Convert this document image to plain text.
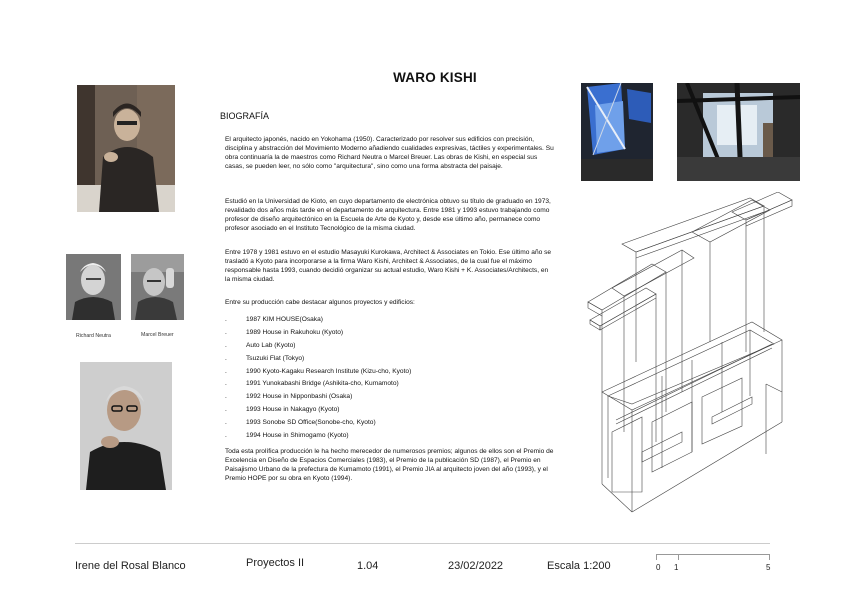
WARO KISHI
Richard Neutra	Marcel Breuer
BIOGRAFÍA
El arquitecto japonés, nacido en Yokohama (1950). Caracterizado por resolver sus edificios con precisión, disciplina y abstracción del Movimiento Moderno añadiendo cualidades expresivas, táctiles y experimentales. Su obra continuaría la de maestros como Richard Neutra o Marcel Breuer. Las obras de Kishi, en especial sus casas, se pueden leer, no sólo como "arquitectura", sino como una forma abstracta del paisaje.
Estudió en la Universidad de Kioto, en cuyo departamento de electrónica obtuvo su título de graduado en 1973, revalidado dos años más tarde en el departamento de arquitectura. Entre 1981 y 1993 estuvo trabajando como profesor de diseño arquitectónico en la Escuela de Arte de Kyoto y, desde ese último año, permanece como profesor asociado en el Instituto Tecnológico de la misma ciudad.
Entre 1978 y 1981 estuvo en el estudio Masayuki Kurokawa, Architect & Associates en Tokio. Ese último año se trasladó a Kyoto para incorporarse a la firma Waro Kishi, Architect & Associates, de la cual fue el máximo responsable hasta 1993, cuando decidió organizar su actual estudio, Waro Kishi + K. Associates/Architects, en la misma ciudad.
Entre su producción cabe destacar algunos proyectos y edificios:
.	1987 KIM HOUSE(Osaka)
.	1989 House in Rakuhoku (Kyoto)
.	Auto Lab (Kyoto)
.	Tsuzuki Flat (Tokyo)
.	1990 Kyoto-Kagaku Research Institute (Kizu-cho, Kyoto)
.	1991 Yunokabashi Bridge (Ashikita-cho, Kumamoto)
.	1992 House in Nipponbashi (Osaka)
.	1993 House in Nakagyo (Kyoto)
.	1993 Sonobe SD Office(Sonobe-cho, Kyoto)
.	1994 House in Shimogamo (Kyoto)
Toda esta prolífica producción le ha hecho merecedor de numerosos premios; algunos de ellos son el Premio de Excelencia en Diseño de Espacios Comerciales (1983), el Premio de la publicación SD (1987), el Premio en Paisajismo Urbano de la prefectura de Kumamoto (1991), el Premio JIA al arquitecto joven del año (1993), y el Premio HOPE por su obra en Kyoto (1994).
Irene del Rosal Blanco	Proyectos II	1.04	23/02/2022	Escala 1:200	0 1	5
